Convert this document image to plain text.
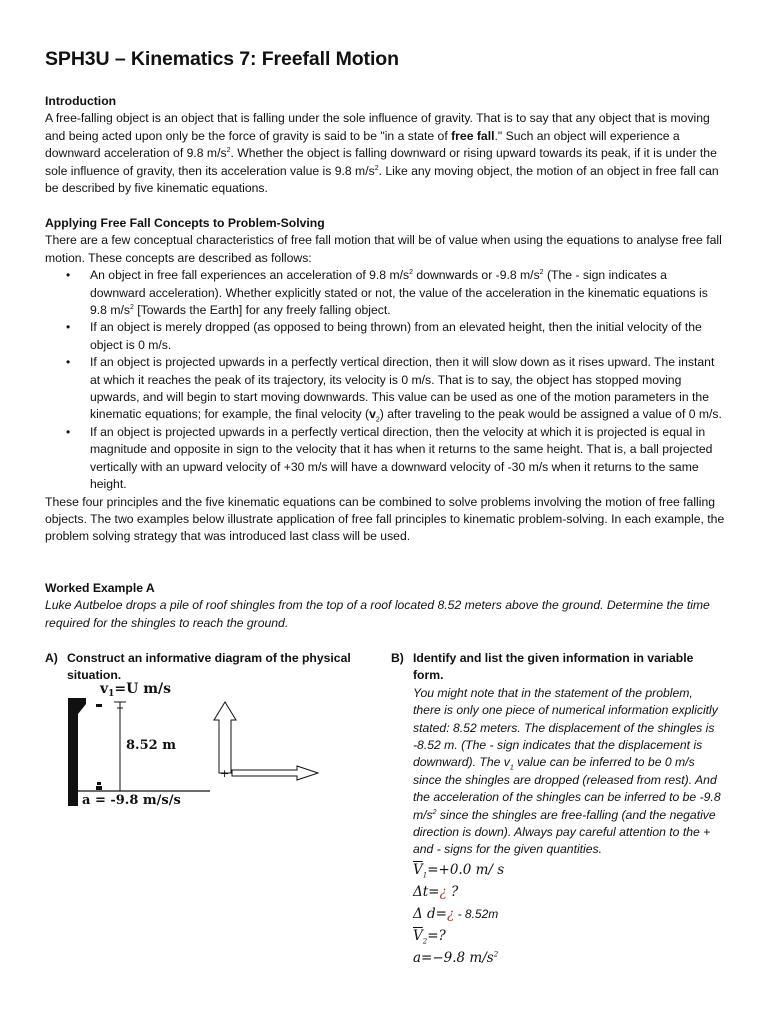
SPH3U – Kinematics 7: Freefall Motion
Introduction
A free-falling object is an object that is falling under the sole influence of gravity. That is to say that any object that is moving and being acted upon only be the force of gravity is said to be "in a state of free fall." Such an object will experience a downward acceleration of 9.8 $m/s^2$. Whether the object is falling downward or rising upward towards its peak, if it is under the sole influence of gravity, then its acceleration value is 9.8 $m/s^2$. Like any moving object, the motion of an object in free fall can be described by five kinematic equations.
Applying Free Fall Concepts to Problem-Solving
There are a few conceptual characteristics of free fall motion that will be of value when using the equations to analyse free fall motion. These concepts are described as follows:
• An object in free fall experiences an acceleration of 9.8 $m/s^2$ downwards or -9.8 $m/s^2$ (The - sign indicates a downward acceleration). Whether explicitly stated or not, the value of the acceleration in the kinematic equations is 9.8 $m/s^2$ [Towards the Earth] for any freely falling object.
• If an object is merely dropped (as opposed to being thrown) from an elevated height, then the initial velocity of the object is 0 m/s.
• If an object is projected upwards in a perfectly vertical direction, then it will slow down as it rises upward. The instant at which it reaches the peak of its trajectory, its velocity is 0 m/s. That is to say, the object has stopped moving upwards, and will begin to start moving downwards. This value can be used as one of the motion parameters in the kinematic equations; for example, the final velocity $(v_2)$ after traveling to the peak would be assigned a value of 0 m/s.
• If an object is projected upwards in a perfectly vertical direction, then the velocity at which it is projected is equal in magnitude and opposite in sign to the velocity that it has when it returns to the same height. That is, a ball projected vertically with an upward velocity of +30 m/s will have a downward velocity of -30 m/s when it returns to the same height.
These four principles and the five kinematic equations can be combined to solve problems involving the motion of free falling objects. The two examples below illustrate application of free fall principles to kinematic problem-solving. In each example, the problem solving strategy that was introduced last class will be used.
Worked Example A
Luke Autbeloe drops a pile of roof shingles from the top of a roof located 8.52 meters above the ground. Determine the time required for the shingles to reach the ground.
A) Construct an informative diagram of the physical situation.
$v_1=U$ m/s
8.52 m
a = -9.8 m/s/s
+
B) Identify and list the given information in variable form.
You might note that in the statement of the problem, there is only one piece of numerical information explicitly stated: 8.52 meters. The displacement of the shingles is -8.52 m. (The - sign indicates that the displacement is downward). The $v_1$ value can be inferred to be 0 m/s since the shingles are dropped (released from rest). And the acceleration of the shingles can be inferred to be -9.8 $m/s^2$ since the shingles are free-falling (and the negative direction is down). Always pay careful attention to the + and - signs for the given quantities.
$\overline{V}_1=+0.0$ m/ s
Δt=¿ ?
Δ d=¿ - 8.52m
$\overline{V}_2=$?
a=−9.8 $m/s^2$
